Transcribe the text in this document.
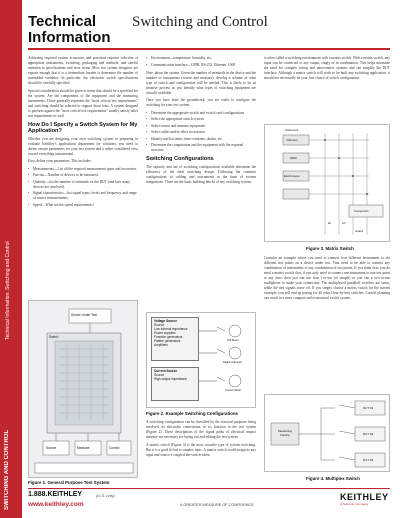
Technical Information: Switching and Control
SWITCHING AND CONTROL
Technical Information
Switching and Control

Achieving required system accuracies and precision requires selection of appropriate instruments, switching, packaging and methods, and careful attention to specifications and error terms. Most test system designers are experts enough that it is a tremendous burden to determine the number of assembled variables. In particular, the electronic switch specifications should be carefully specified.

Special consideration should be given to items that should be a specified for the system. Are the components of the equipment and the measuring instruments. Those generally represent the "most critical test requirements" and switching should be selected to support those tests. A system designed to perform against the "most critical test requirements" usually satisfy other test requirements as well.

How Do I Specify a Switch System for My Application?

Whether you are designing your own switching system or preparing to evaluate Keithley's applications department for solutions, you need to define certain parameters for your test system and a rather considered view toward everything instrumental.

First, define your parameters. This includes:

• Measurements—List all the required measurement types and accuracies.
• Fan-out—Number of devices to be measured.
• Quantity—list the number of terminals on the DUT (and how many devices are involved).
• Signal characteristics—list signal types, levels and frequency, and range of source measurements.
• Speed—What are the speed requirements?
Device Under Test
Switch
Source	Measure	Control
Figure 1. General Purpose Test System
• Environment—temperature, humidity, etc.
• Communication interface—GPIB, RS-232, Ethernet, USB

Note, about the system. Given the number of terminals in the device and the number of instruments (source and measure), develop a scheme of what type of switch and configuration will be needed. This is likely to be an iterative process as you identify what types of switching equipment are actually available.

Once you have done the groundwork, you are ready to configure the switching for your test system:

• Determine the appropriate switch and switch card configurations
• Select the appropriate switch system
• Select source and measure equipment
• Select cables and/or other accessories
• Identify and list times, time constants, diodes, etc.
• Determine the computation and the equipment with the required structure
Switching Configurations

The capacity and use of switching configurations available determine the efficiency of the final switching design. Following the common configurations of cabling and instruments in the form of system integrations. Three are the basic building blocks of any switching system.

Voltage Source
Source
Low internal impedance
Power supplies
Function generators
Pattern generators
Amplifiers
Current Source
Source
High output impedance
Volt Meter
Digital Voltmeter
Current Meter
Figure 2. Example Switching Configurations

A switching configuration can be classified by the classical purposes being involved, its electronic connections, or its function in the test system (Figure 2). These descriptions of the signal paths of electrical impact measure are necessary for laying out and editing the test system.

A matrix switch (Figure 3) is the most versatile type of system switching. But it is a good fit but a complex topic. A matrix switch could assign its any input and source a coupled-the-switch when.

is often called a switching environment with a matrix switch. With a matrix switch, any input can be connected to any output, singly or in combination. This helps minimize the need for complex wiring and interconnect systems and can simplify the DUT interface. Although a matrix switch will work to be built any switching application, it should not necessarily be your first choice of switch configuration.

Instrument
Voltmeter
DMM
Electrometer
Component
HI	LO
Guard
Figure 3. Matrix Switch

Consider an example where you need to connect four different instruments to ten different test points on a device under test. Your need to be able to connect any combination of instruments to any combination of test points. If you think first, you do need a matrix switch that, if you only need to connect one instrument to one test point at any time, then you can use four 1-to-ten (or simple) or you can a two-to-one multiplexer to make your connection. The multiplexed (parallel) switches are faster, while the tied signals come off. If you simply choose a matrix switch for the current example, you will end up paying for 40 relay (four-by-ten) switches. Careful planning can result in a more compact and economical switch system.

Measuring Device
DUT #1
DUT #2
DUT #3
Figure 4. Multiplex Switch
1.888.KEITHLEY	(U.S. only)
www.keithley.com	A GREATER MEASURE OF CONFIDENCE
KEITHLEY
A Tektronix Company
